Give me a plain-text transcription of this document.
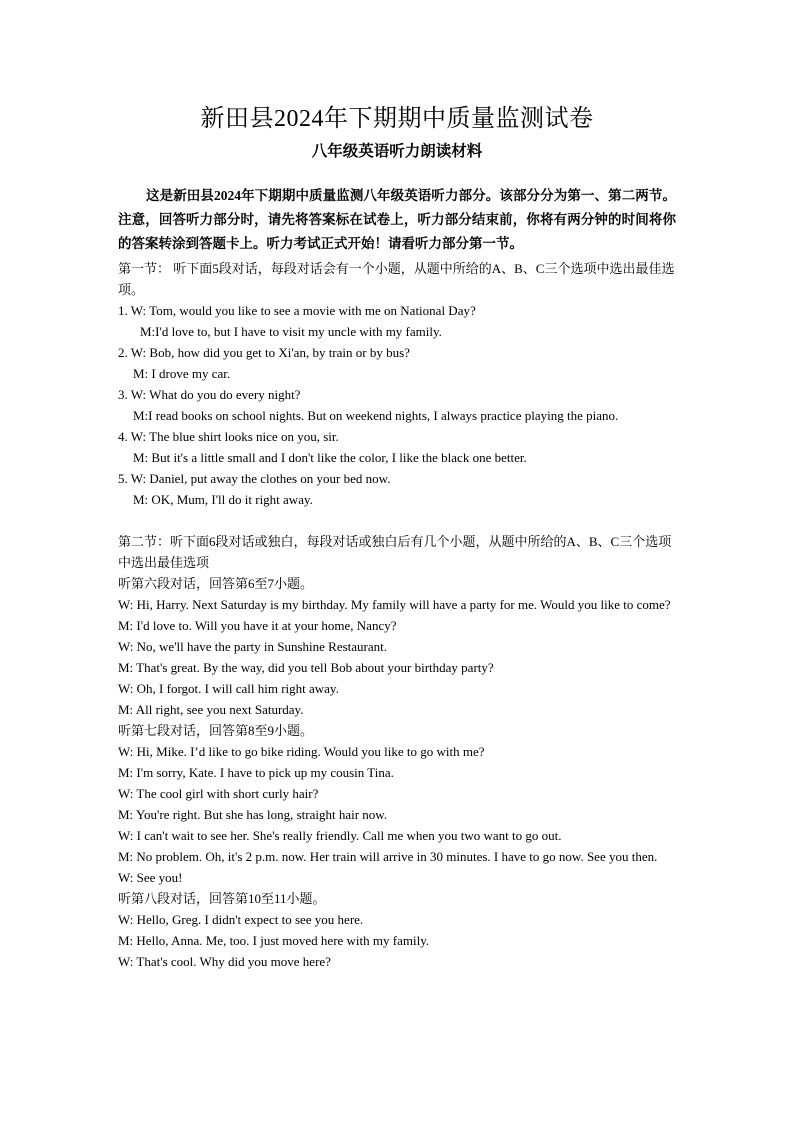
新田县2024年下期期中质量监测试卷
八年级英语听力朗读材料
这是新田县2024年下期期中质量监测八年级英语听力部分。该部分分为第一、第二两节。注意，回答听力部分时，请先将答案标在试卷上，听力部分结束前，你将有两分钟的时间将你的答案转涂到答题卡上。听力考试正式开始！请看听力部分第一节。
第一节： 听下面5段对话，每段对话会有一个小题，从题中所给的A、B、C三个选项中选出最佳选项。
1. W: Tom, would you like to see a movie with me on National Day?
M:I'd love to, but I have to visit my uncle with my family.
2. W: Bob, how did you get to Xi'an, by train or by bus?
M: I drove my car.
3. W: What do you do every night?
M:I read books on school nights. But on weekend nights, I always practice playing the piano.
4. W: The blue shirt looks nice on you, sir.
M: But it's a little small and I don't like the color, I like the black one better.
5. W: Daniel, put away the clothes on your bed now.
M: OK, Mum, I'll do it right away.
第二节：听下面6段对话或独白，每段对话或独白后有几个小题，从题中所给的A、B、C三个选项中选出最佳选项
听第六段对话，回答第6至7小题。
W: Hi, Harry. Next Saturday is my birthday. My family will have a party for me. Would you like to come?
M: I'd love to. Will you have it at your home, Nancy?
W: No, we'll have the party in Sunshine Restaurant.
M: That's great. By the way, did you tell Bob about your birthday party?
W: Oh, I forgot. I will call him right away.
M: All right, see you next Saturday.
听第七段对话，回答第8至9小题。
W: Hi, Mike. I’d like to go bike riding. Would you like to go with me?
M: I'm sorry, Kate. I have to pick up my cousin Tina.
W: The cool girl with short curly hair?
M: You're right. But she has long, straight hair now.
W: I can't wait to see her. She's really friendly. Call me when you two want to go out.
M: No problem. Oh, it's 2 p.m. now. Her train will arrive in 30 minutes. I have to go now. See you then.
W: See you!
听第八段对话，回答第10至11小题。
W: Hello, Greg. I didn't expect to see you here.
M: Hello, Anna. Me, too. I just moved here with my family.
W: That's cool. Why did you move here?
